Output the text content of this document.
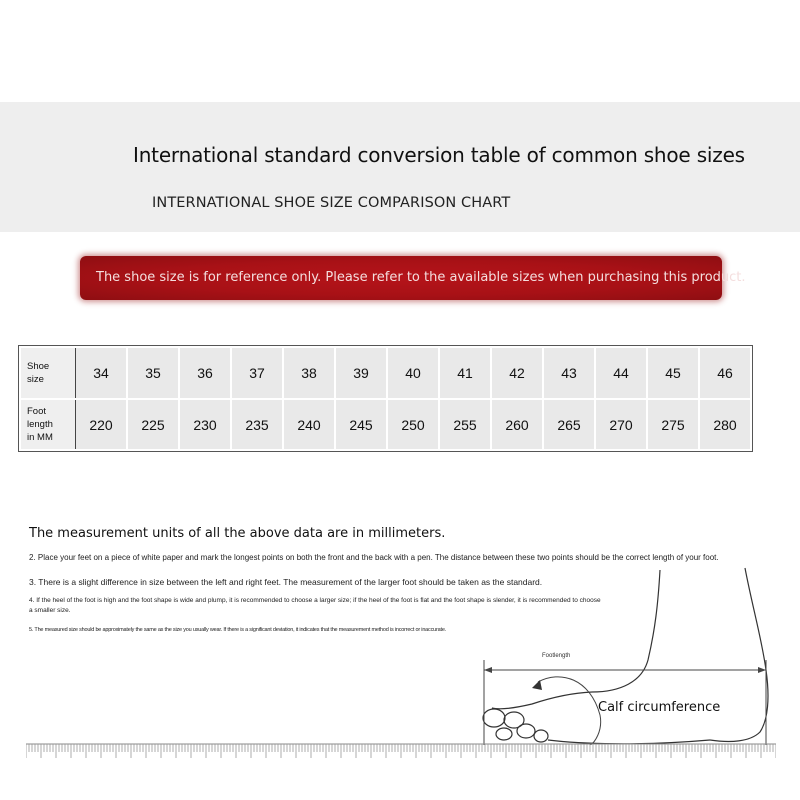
International standard conversion table of common shoe sizes
INTERNATIONAL SHOE SIZE COMPARISON CHART
The shoe size is for reference only. Please refer to the available sizes when purchasing this product.
Shoe
size	34	35	36	37	38	39	40	41	42	43	44	45	46
Foot
length
in MM	220	225	230	235	240	245	250	255	260	265	270	275	280
The measurement units of all the above data are in millimeters.
2. Place your feet on a piece of white paper and mark the longest points on both the front and the back with a pen. The distance between these two points should be the correct length of your foot.
3. There is a slight difference in size between the left and right feet. The measurement of the larger foot should be taken as the standard.
4. If the heel of the foot is high and the foot shape is wide and plump, it is recommended to choose a larger size; if the heel of the foot is flat and the foot shape is slender, it is recommended to choose a smaller size.
5. The measured size should be approximately the same as the size you usually wear. If there is a significant deviation, it indicates that the measurement method is incorrect or inaccurate.
Footlength
Calf circumference
